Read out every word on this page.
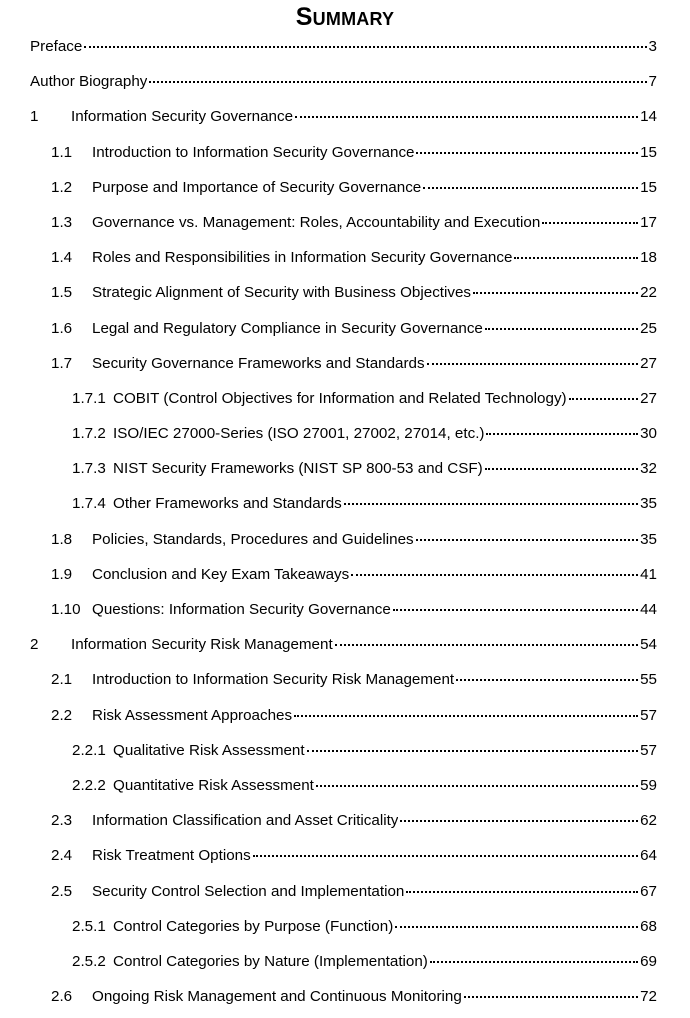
Summary
Preface	3
Author Biography	7
1	Information Security Governance	14
1.1	Introduction to Information Security Governance	15
1.2	Purpose and Importance of Security Governance	15
1.3	Governance vs. Management: Roles, Accountability and Execution	17
1.4	Roles and Responsibilities in Information Security Governance	18
1.5	Strategic Alignment of Security with Business Objectives	22
1.6	Legal and Regulatory Compliance in Security Governance	25
1.7	Security Governance Frameworks and Standards	27
1.7.1 COBIT (Control Objectives for Information and Related Technology)	27
1.7.2 ISO/IEC 27000-Series (ISO 27001, 27002, 27014, etc.)	30
1.7.3 NIST Security Frameworks (NIST SP 800-53 and CSF)	32
1.7.4 Other Frameworks and Standards	35
1.8	Policies, Standards, Procedures and Guidelines	35
1.9	Conclusion and Key Exam Takeaways	41
1.10 Questions: Information Security Governance	44
2	Information Security Risk Management	54
2.1	Introduction to Information Security Risk Management	55
2.2	Risk Assessment Approaches	57
2.2.1 Qualitative Risk Assessment	57
2.2.2 Quantitative Risk Assessment	59
2.3	Information Classification and Asset Criticality	62
2.4	Risk Treatment Options	64
2.5	Security Control Selection and Implementation	67
2.5.1 Control Categories by Purpose (Function)	68
2.5.2 Control Categories by Nature (Implementation)	69
2.6	Ongoing Risk Management and Continuous Monitoring	72
